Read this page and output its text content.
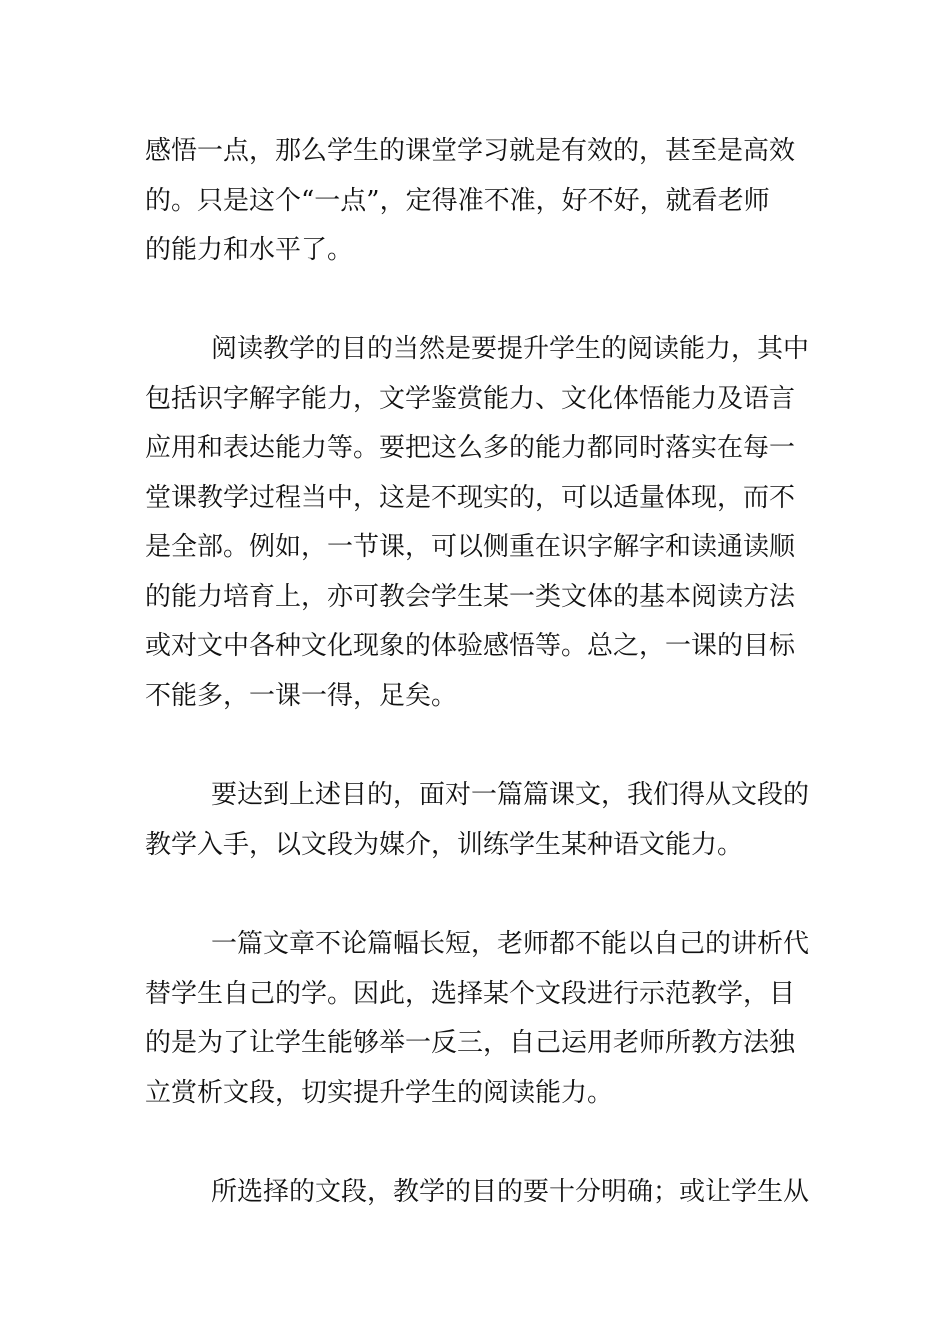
感悟一点，那么学生的课堂学习就是有效的，甚至是高效
的。只是这个“一点”，定得准不准，好不好，就看老师
的能力和水平了。
阅读教学的目的当然是要提升学生的阅读能力，其中
包括识字解字能力，文学鉴赏能力、文化体悟能力及语言
应用和表达能力等。要把这么多的能力都同时落实在每一
堂课教学过程当中，这是不现实的，可以适量体现，而不
是全部。例如，一节课，可以侧重在识字解字和读通读顺
的能力培育上，亦可教会学生某一类文体的基本阅读方法
或对文中各种文化现象的体验感悟等。总之，一课的目标
不能多，一课一得，足矣。
要达到上述目的，面对一篇篇课文，我们得从文段的
教学入手，以文段为媒介，训练学生某种语文能力。
一篇文章不论篇幅长短，老师都不能以自己的讲析代
替学生自己的学。因此，选择某个文段进行示范教学，目
的是为了让学生能够举一反三，自己运用老师所教方法独
立赏析文段，切实提升学生的阅读能力。
所选择的文段，教学的目的要十分明确；或让学生从
